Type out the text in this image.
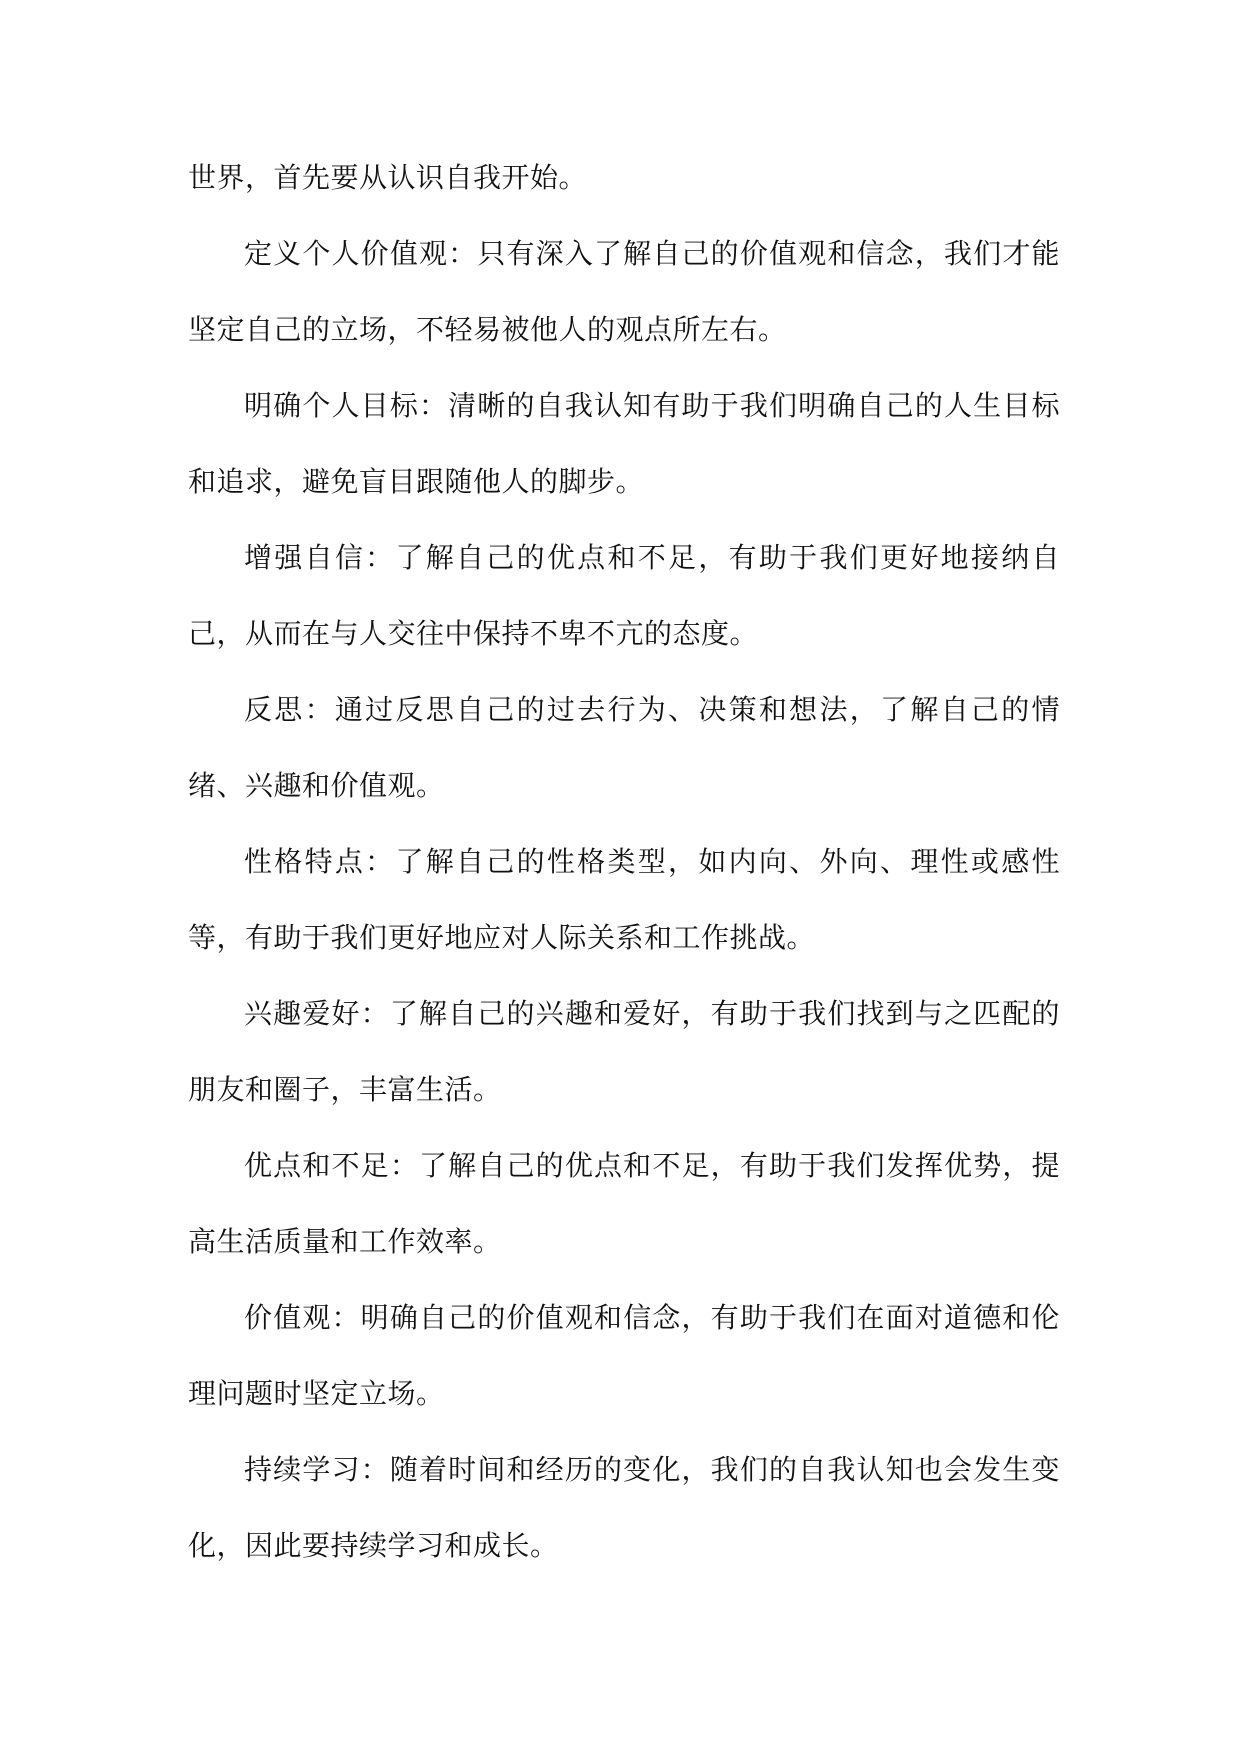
世界，首先要从认识自我开始。

定义个人价值观：只有深入了解自己的价值观和信念，我们才能坚定自己的立场，不轻易被他人的观点所左右。

明确个人目标：清晰的自我认知有助于我们明确自己的人生目标和追求，避免盲目跟随他人的脚步。

增强自信：了解自己的优点和不足，有助于我们更好地接纳自己，从而在与人交往中保持不卑不亢的态度。

反思：通过反思自己的过去行为、决策和想法，了解自己的情绪、兴趣和价值观。

性格特点：了解自己的性格类型，如内向、外向、理性或感性等，有助于我们更好地应对人际关系和工作挑战。

兴趣爱好：了解自己的兴趣和爱好，有助于我们找到与之匹配的朋友和圈子，丰富生活。

优点和不足：了解自己的优点和不足，有助于我们发挥优势，提高生活质量和工作效率。

价值观：明确自己的价值观和信念，有助于我们在面对道德和伦理问题时坚定立场。

持续学习：随着时间和经历的变化，我们的自我认知也会发生变化，因此要持续学习和成长。
